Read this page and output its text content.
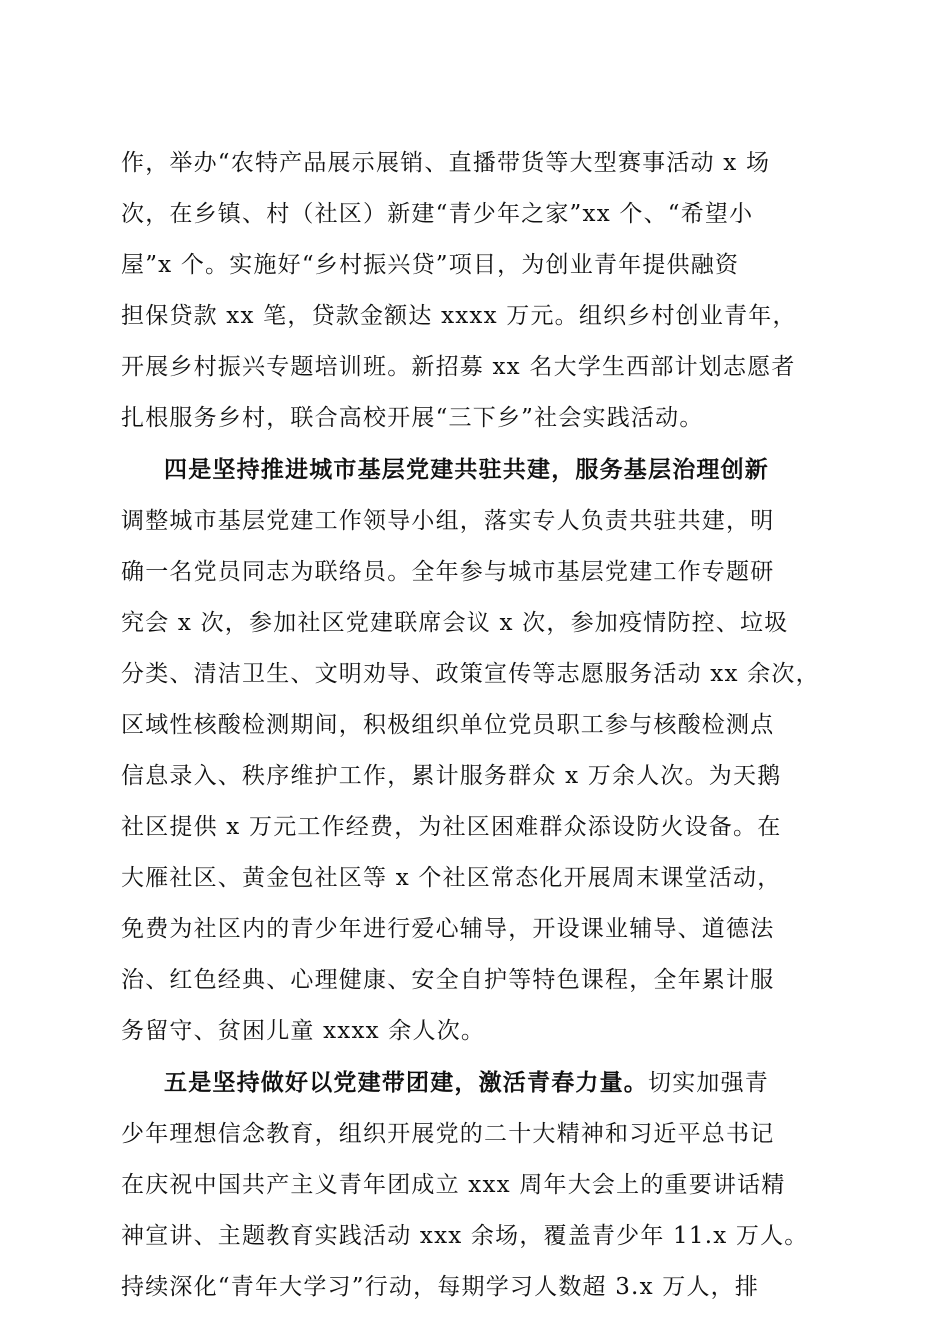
作，举办“农特产品展示展销、直播带货等大型赛事活动 x 场
次，在乡镇、村（社区）新建“青少年之家”xx 个、“希望小
屋”x 个。实施好“乡村振兴贷”项目，为创业青年提供融资
担保贷款 xx 笔，贷款金额达 xxxx 万元。组织乡村创业青年，
开展乡村振兴专题培训班。新招募 xx 名大学生西部计划志愿者
扎根服务乡村，联合高校开展“三下乡”社会实践活动。
四是坚持推进城市基层党建共驻共建，服务基层治理创新
调整城市基层党建工作领导小组，落实专人负责共驻共建，明
确一名党员同志为联络员。全年参与城市基层党建工作专题研
究会 x 次，参加社区党建联席会议 x 次，参加疫情防控、垃圾
分类、清洁卫生、文明劝导、政策宣传等志愿服务活动 xx 余次，
区域性核酸检测期间，积极组织单位党员职工参与核酸检测点
信息录入、秩序维护工作，累计服务群众 x 万余人次。为天鹅
社区提供 x 万元工作经费，为社区困难群众添设防火设备。在
大雁社区、黄金包社区等 x 个社区常态化开展周末课堂活动，
免费为社区内的青少年进行爱心辅导，开设课业辅导、道德法
治、红色经典、心理健康、安全自护等特色课程，全年累计服
务留守、贫困儿童 xxxx 余人次。
五是坚持做好以党建带团建，激活青春力量。切实加强青
少年理想信念教育，组织开展党的二十大精神和习近平总书记
在庆祝中国共产主义青年团成立 xxx 周年大会上的重要讲话精
神宣讲、主题教育实践活动 xxx 余场，覆盖青少年 11.x 万人。
持续深化“青年大学习”行动，每期学习人数超 3.x 万人，排
